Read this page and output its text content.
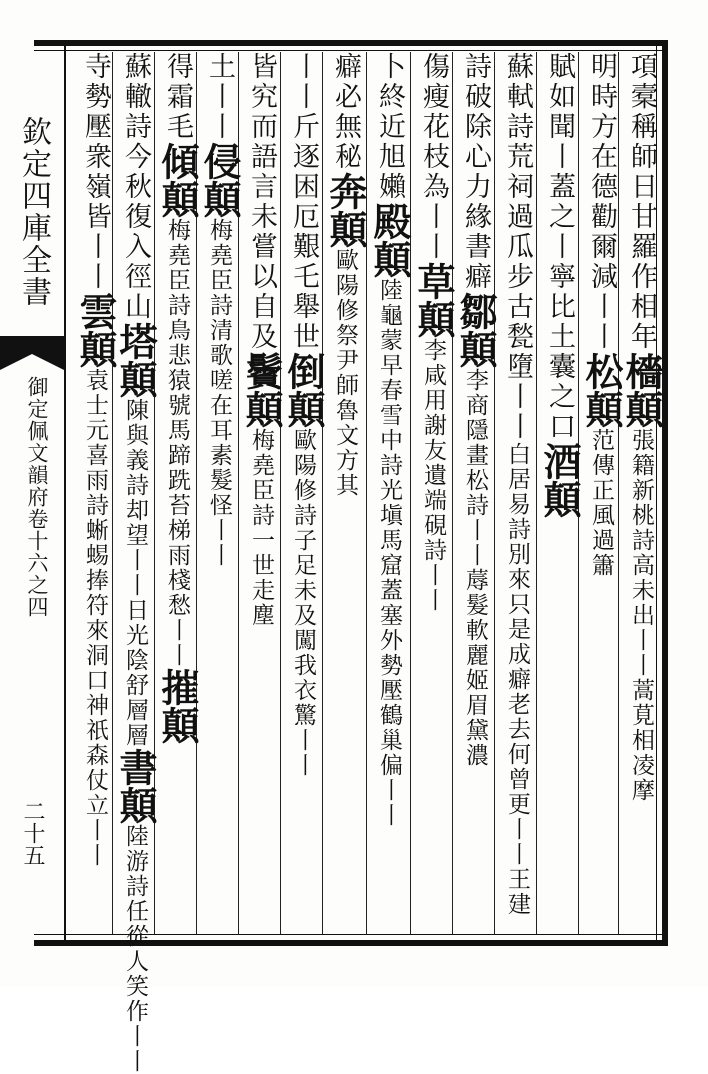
欽定四庫全書
御定佩文韻府卷十六之四
二十五
項槖稱師日甘羅作相年檣顛張籍新桃詩高未出丨丨蒿莧相凌摩
明時方在德勸爾減丨丨松顛范傳正風過簫
賦如聞丨蓋之丨寧比土囊之口酒顛
蘇軾詩荒祠過瓜步古甃墮丨丨白居易詩別來只是成癖老去何曾更丨丨王建
詩破除心力緣書癖鄒顛李商隱畫松詩丨丨蓐髮軟麗姬眉黛濃
傷瘦花枝為丨丨草顛李咸用謝友遺端硯詩丨丨
卜終近旭嬾殿顛陸龜蒙早春雪中詩光塡馬窟蓋塞外勢壓鶴巢偏丨丨
癖必無秘奔顛歐陽修祭尹師魯文方其
丨丨斤逐困厄艱乇舉世倒顛歐陽修詩子足未及闖我衣驚丨丨
皆究而語言未嘗以自及鬢顛梅堯臣詩一世走塵
土丨丨侵顛梅堯臣詩清歌嗟在耳素髮怪丨丨
得霜毛傾顛梅堯臣詩鳥悲猿號馬蹄跣苔梯雨棧愁丨丨摧顛
蘇轍詩今秋復入徑山塔顛陳與義詩却望丨丨日光陰舒層層書顛陸游詩任從人笑作丨丨
寺勢壓衆嶺皆丨丨雲顛袁士元喜雨詩蜥蜴捧符來洞口神祇森仗立丨丨
